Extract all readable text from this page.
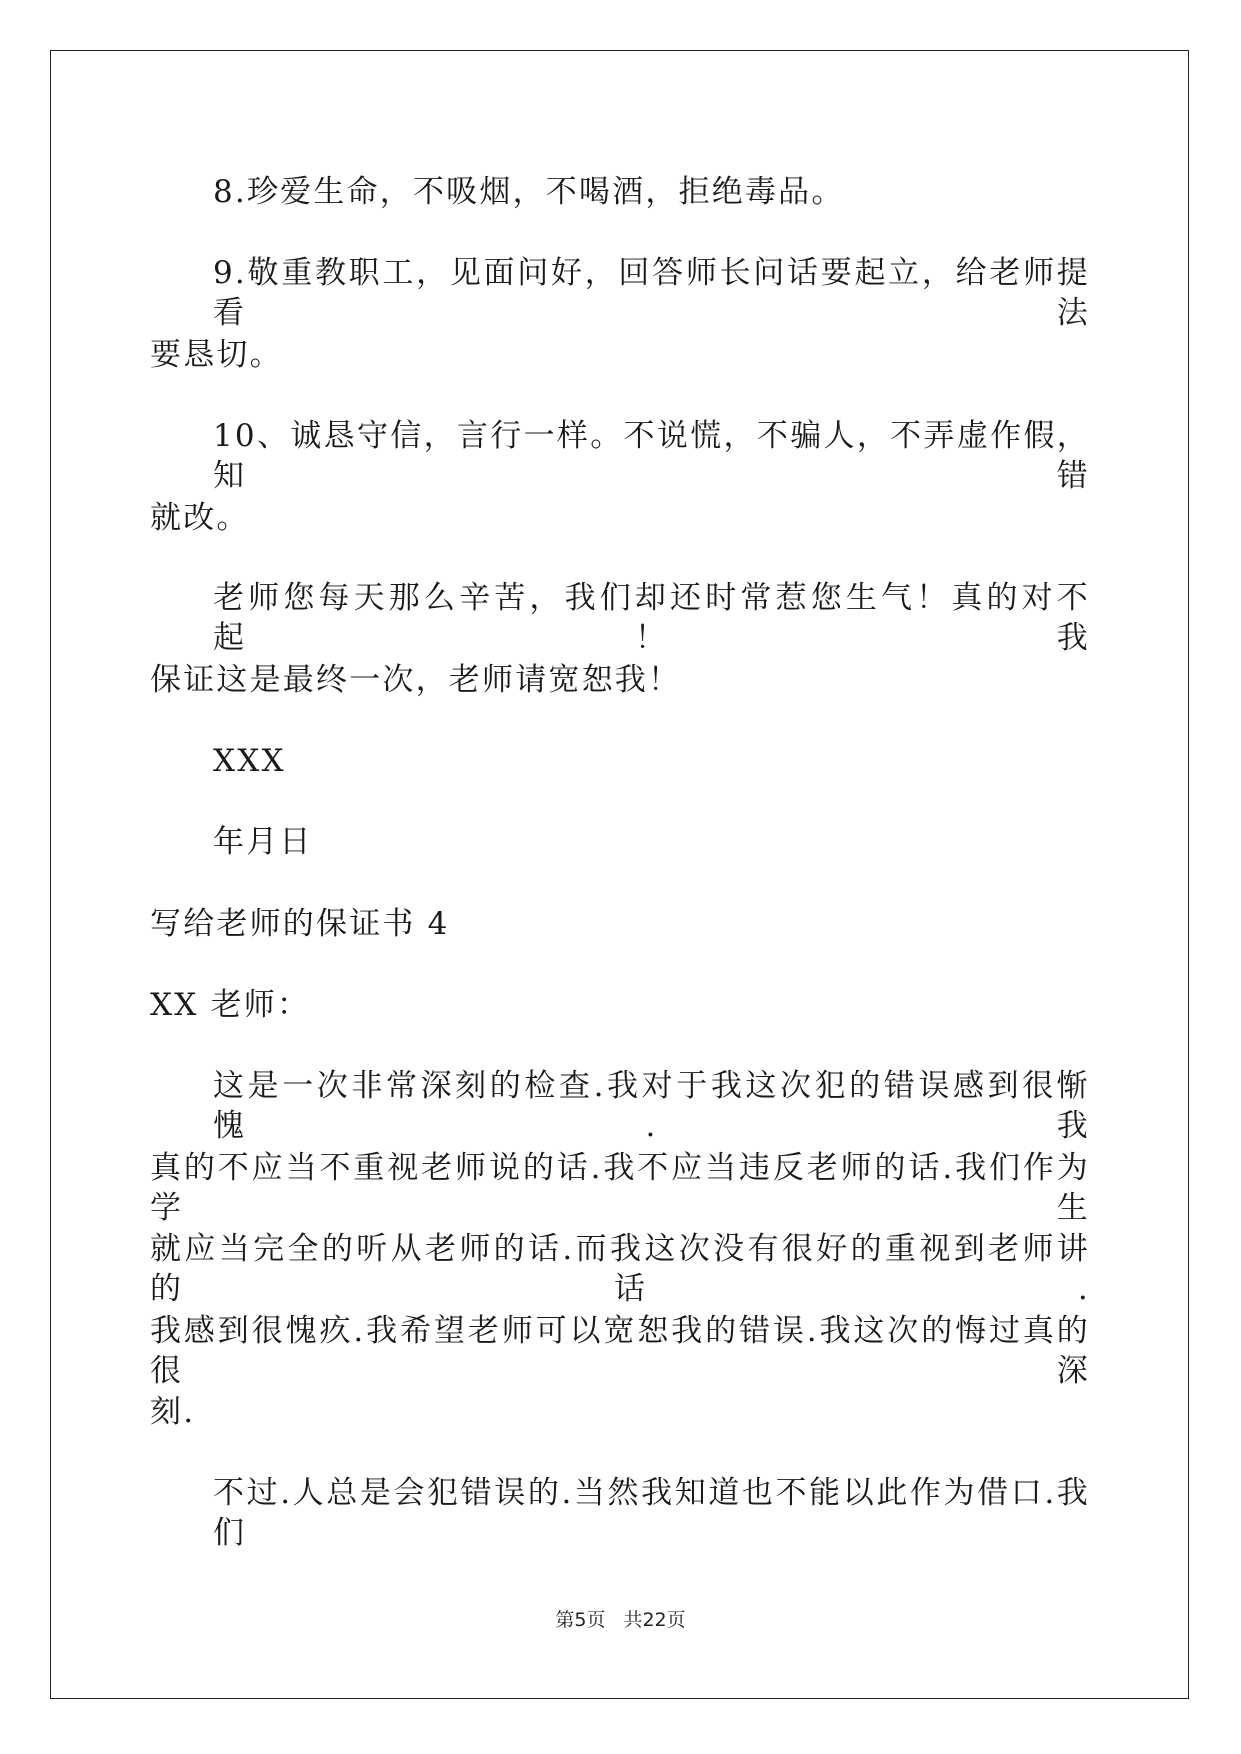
8.珍爱生命，不吸烟，不喝酒，拒绝毒品。
9.敬重教职工，见面问好，回答师长问话要起立，给老师提看法
要恳切。
10、诚恳守信，言行一样。不说慌，不骗人，不弄虚作假，知错
就改。
老师您每天那么辛苦，我们却还时常惹您生气！真的对不起！我
保证这是最终一次，老师请宽恕我！
XXX
年月日
写给老师的保证书 4
XX 老师：
这是一次非常深刻的检查.我对于我这次犯的错误感到很惭愧.我
真的不应当不重视老师说的话.我不应当违反老师的话.我们作为学生
就应当完全的听从老师的话.而我这次没有很好的重视到老师讲的话.
我感到很愧疚.我希望老师可以宽恕我的错误.我这次的悔过真的很深
刻.
不过.人总是会犯错误的.当然我知道也不能以此作为借口.我们
第5页 共22页
